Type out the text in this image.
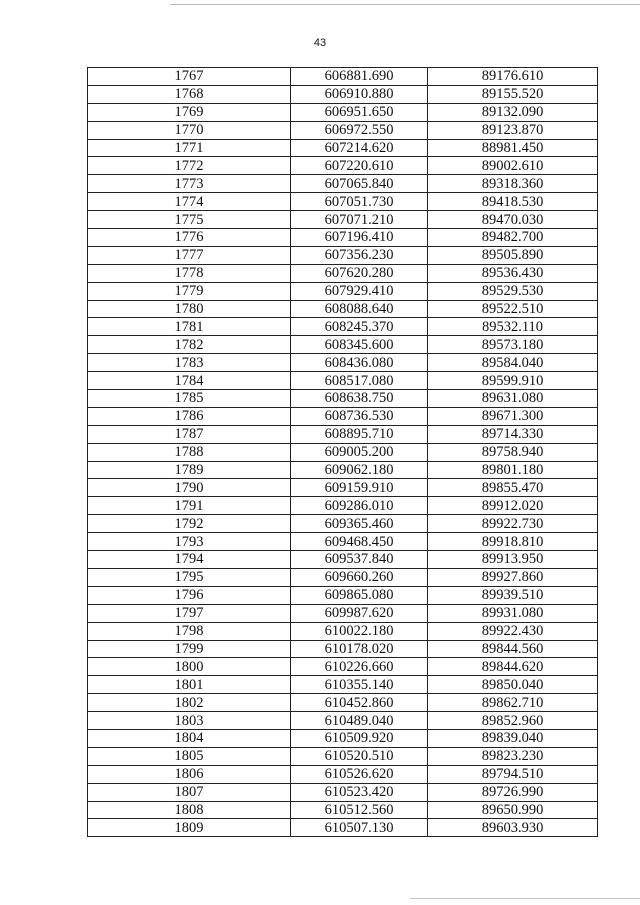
43
1767	606881.690	89176.610
1768	606910.880	89155.520
1769	606951.650	89132.090
1770	606972.550	89123.870
1771	607214.620	88981.450
1772	607220.610	89002.610
1773	607065.840	89318.360
1774	607051.730	89418.530
1775	607071.210	89470.030
1776	607196.410	89482.700
1777	607356.230	89505.890
1778	607620.280	89536.430
1779	607929.410	89529.530
1780	608088.640	89522.510
1781	608245.370	89532.110
1782	608345.600	89573.180
1783	608436.080	89584.040
1784	608517.080	89599.910
1785	608638.750	89631.080
1786	608736.530	89671.300
1787	608895.710	89714.330
1788	609005.200	89758.940
1789	609062.180	89801.180
1790	609159.910	89855.470
1791	609286.010	89912.020
1792	609365.460	89922.730
1793	609468.450	89918.810
1794	609537.840	89913.950
1795	609660.260	89927.860
1796	609865.080	89939.510
1797	609987.620	89931.080
1798	610022.180	89922.430
1799	610178.020	89844.560
1800	610226.660	89844.620
1801	610355.140	89850.040
1802	610452.860	89862.710
1803	610489.040	89852.960
1804	610509.920	89839.040
1805	610520.510	89823.230
1806	610526.620	89794.510
1807	610523.420	89726.990
1808	610512.560	89650.990
1809	610507.130	89603.930
